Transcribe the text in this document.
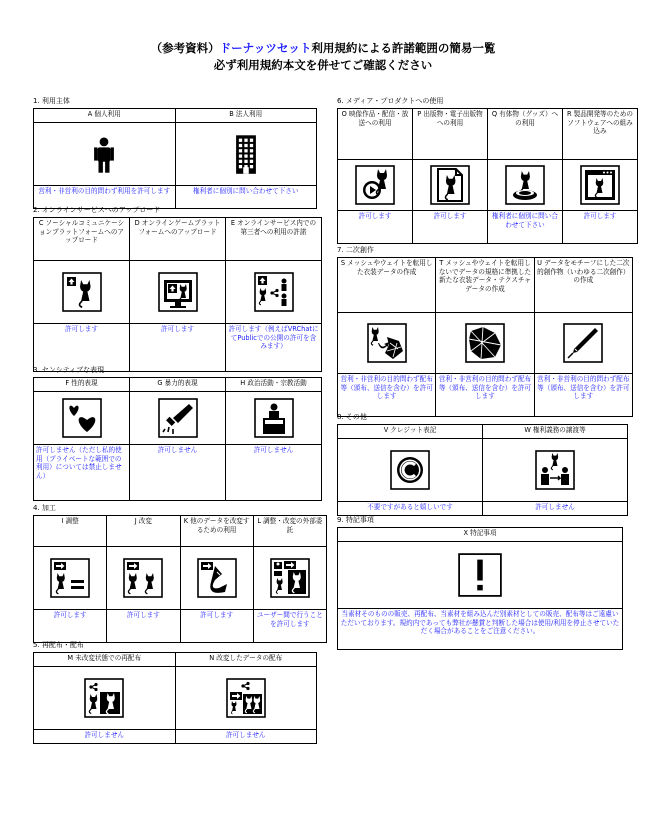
（参考資料）ドーナッツセット利用規約による許諾範囲の簡易一覧
必ず利用規約本文を併せてご確認ください
1. 利用主体
A 個人利用	B 法人利用

営利・非営利の目的問わず利用を許可します	権利者に個別に問い合わせて下さい
2. オンラインサービスへのアップロード
C ソーシャルコミュニケーションプラットフォームへのアップロード	D オンラインゲームプラットフォームへのアップロード	E オンラインサービス内での第三者への利用の許諾

許可します	許可します	許可します（例えばVRChatにてPublicでの公開の許可を含みます）
3. センシティブな表現
F 性的表現	G 暴力的表現	H 政治活動・宗教活動

許可しません（ただし私的使用（プライベートな範囲での利用）については禁止しません）	許可しません	許可しません
4. 加工
I 調整	J 改変	K 他のデータを改変するための利用	L 調整・改変の外部委託

許可します	許可します	許可します	ユーザー間で行うことを許可します
5. 再配布・配布
M 未改変状態での再配布	N 改変したデータの配布

許可しません	許可しません
6. メディア・プロダクトへの使用
O 映像作品・配信・放送への利用	P 出版物・電子出版物への利用	Q 有体物（グッズ）への利用	R 製品開発等のためのソフトウェアへの組み込み

許可します	許可します	権利者に個別に問い合わせて下さい	許可します
7. 二次創作
S メッシュやウェイトを転用した衣装データの作成	T メッシュやウェイトを転用しないでデータの規格に準拠した新たな衣装データ・テクスチャデータの作成	U データをモチーフにした二次的創作物（いわゆる二次創作）の作成

営利・非営利の目的問わず配布等（頒布、送信を含む）を許可します	営利・非営利の目的問わず配布等（頒布、送信を含む）を許可します	営利・非営利の目的問わず配布等（頒布、送信を含む）を許可します
8. その他
V クレジット表記	W 権利義務の譲渡等

不要ですがあると嬉しいです	許可しません
9. 特記事項
X 特記事項

当素材そのものの販売、再配布、当素材を組み込んだ別素材としての販売、配布等はご遠慮いただいております。規約内であっても弊社が懸賞と判断した場合は使用/利用を停止させていただく場合があることをご注意ください。
